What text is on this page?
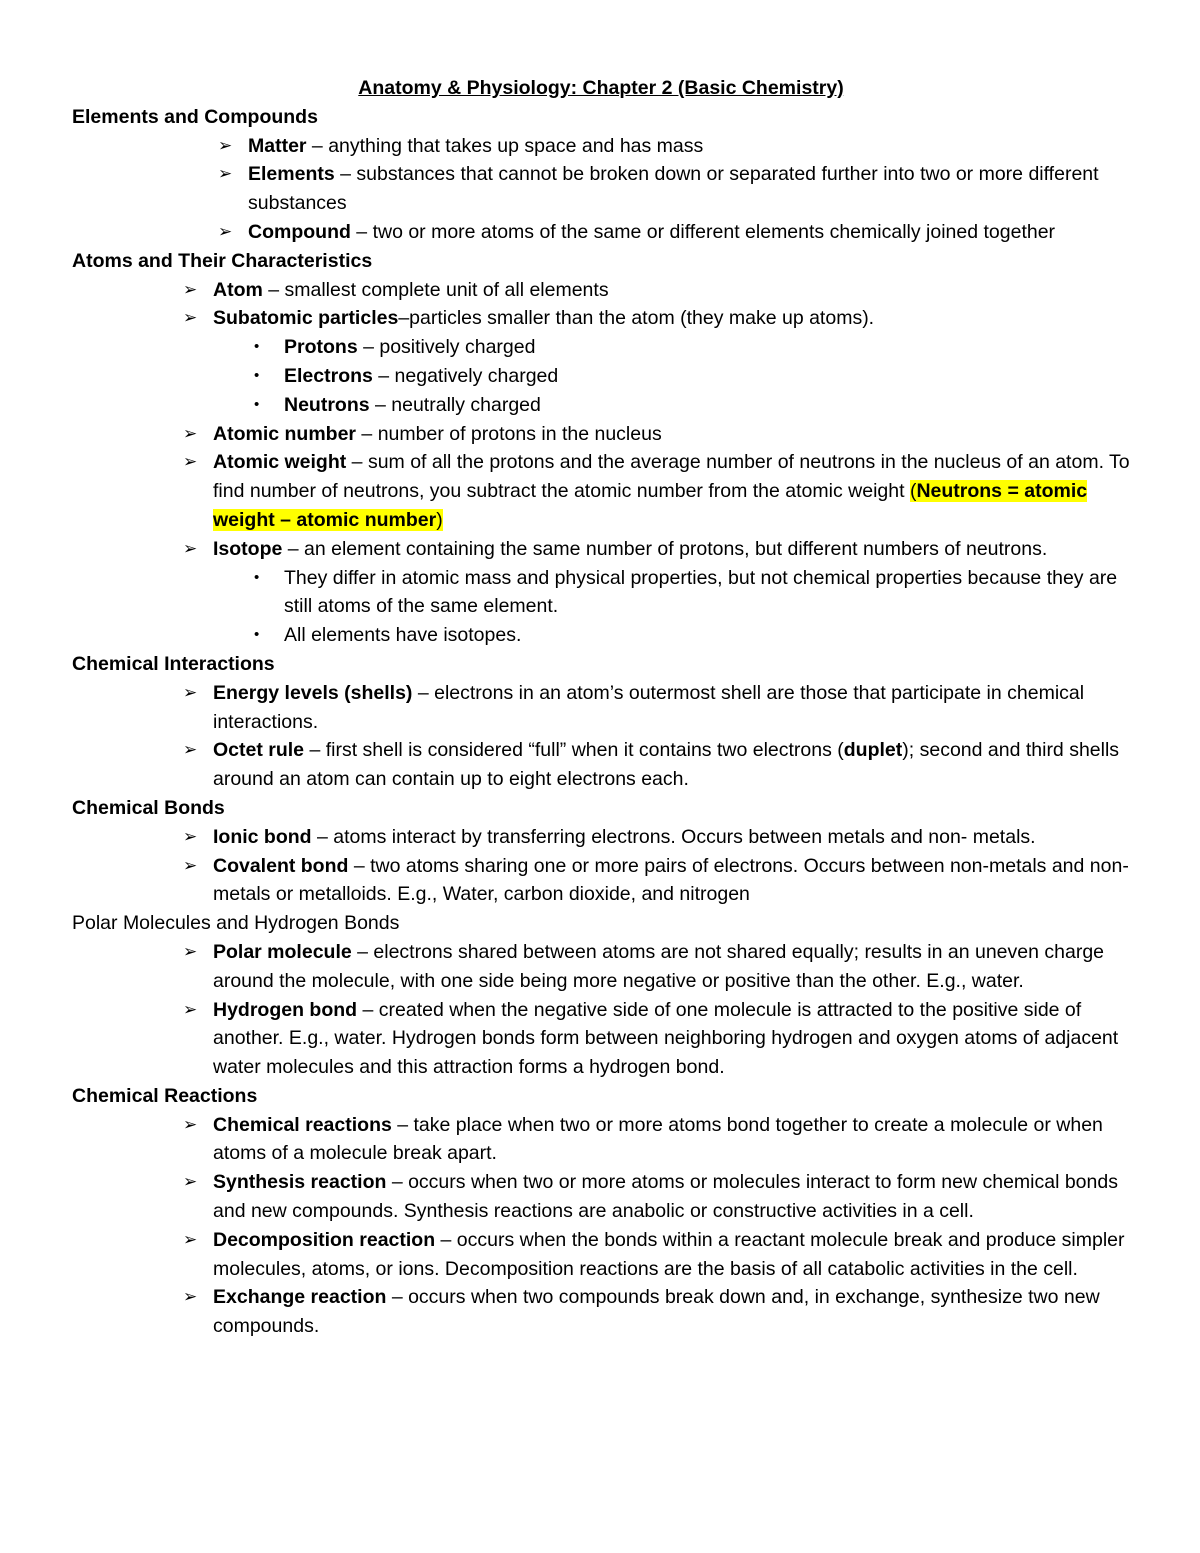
Anatomy & Physiology: Chapter 2 (Basic Chemistry)

Elements and Compounds

➢ Matter – anything that takes up space and has mass

➢ Elements – substances that cannot be broken down or separated further into two or more different substances

➢ Compound – two or more atoms of the same or different elements chemically joined together

Atoms and Their Characteristics

➢ Atom – smallest complete unit of all elements

➢ Subatomic particles–particles smaller than the atom (they make up atoms).

• Protons – positively charged

• Electrons – negatively charged

• Neutrons – neutrally charged

➢ Atomic number – number of protons in the nucleus

➢ Atomic weight – sum of all the protons and the average number of neutrons in the nucleus of an atom. To find number of neutrons, you subtract the atomic number from the atomic weight (Neutrons = atomic weight – atomic number)

➢ Isotope – an element containing the same number of protons, but different numbers of neutrons.

• They differ in atomic mass and physical properties, but not chemical properties because they are still atoms of the same element.

• All elements have isotopes.

Chemical Interactions

➢ Energy levels (shells) – electrons in an atom’s outermost shell are those that participate in chemical interactions.

➢ Octet rule – first shell is considered “full” when it contains two electrons (duplet); second and third shells around an atom can contain up to eight electrons each.

Chemical Bonds

➢ Ionic bond – atoms interact by transferring electrons. Occurs between metals and non- metals.

➢ Covalent bond – two atoms sharing one or more pairs of electrons. Occurs between non-metals and non- metals or metalloids. E.g., Water, carbon dioxide, and nitrogen

Polar Molecules and Hydrogen Bonds

➢ Polar molecule – electrons shared between atoms are not shared equally; results in an uneven charge around the molecule, with one side being more negative or positive than the other. E.g., water.

➢ Hydrogen bond – created when the negative side of one molecule is attracted to the positive side of another. E.g., water. Hydrogen bonds form between neighboring hydrogen and oxygen atoms of adjacent water molecules and this attraction forms a hydrogen bond.

Chemical Reactions

➢ Chemical reactions – take place when two or more atoms bond together to create a molecule or when atoms of a molecule break apart.

➢ Synthesis reaction – occurs when two or more atoms or molecules interact to form new chemical bonds and new compounds. Synthesis reactions are anabolic or constructive activities in a cell.

➢ Decomposition reaction – occurs when the bonds within a reactant molecule break and produce simpler molecules, atoms, or ions. Decomposition reactions are the basis of all catabolic activities in the cell.

➢ Exchange reaction – occurs when two compounds break down and, in exchange, synthesize two new compounds.
